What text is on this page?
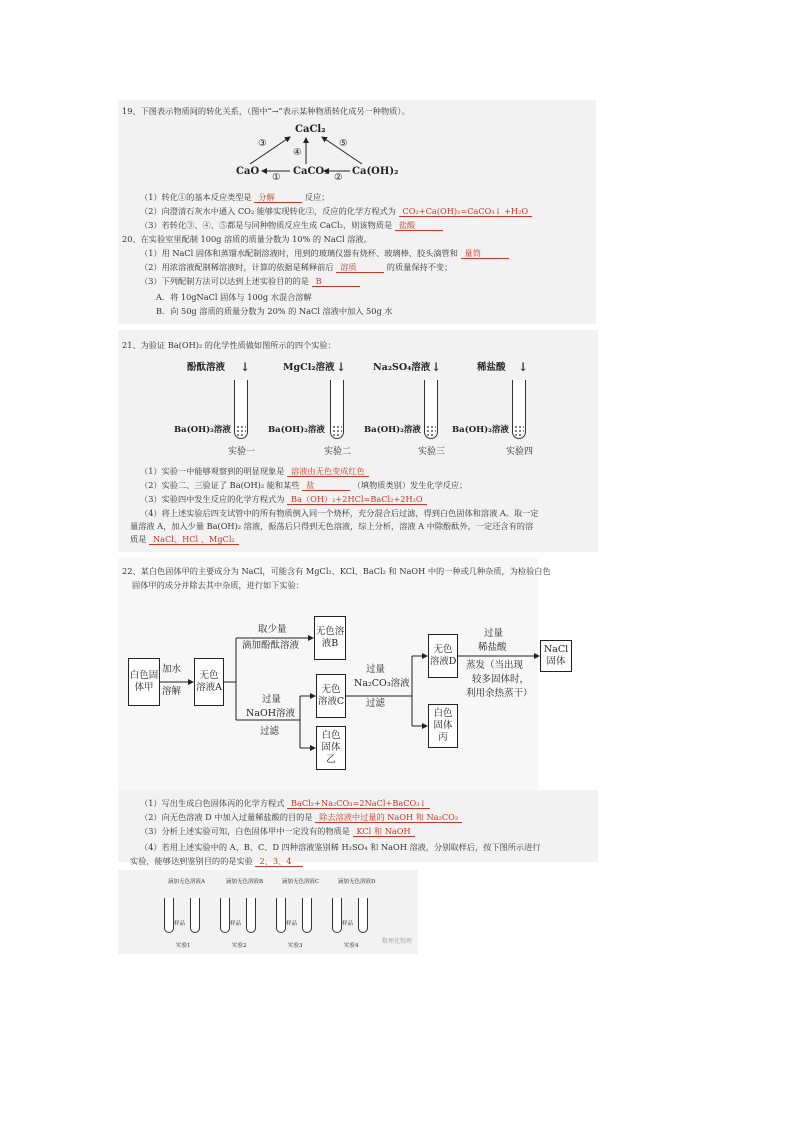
19、下图表示物质间的转化关系，（图中“→”表示某种物质转化成另一种物质）。
CaCl₂
CaO	CaCO₃ Ca(OH)₂
③
④
⑤
①	②
（1）转化①的基本反应类型是 分解	反应；
（2）向澄清石灰水中通入 CO₂ 能够实现转化②，反应的化学方程式为 CO₂+Ca(OH)₂=CaCO₃↓ +H₂O
（3）若转化③、④、⑤都是与同种物质反应生成 CaCl₂，则该物质是 盐酸
20、在实验室里配制 100g 溶质的质量分数为 10% 的 NaCl 溶液。
（1）用 NaCl 固体和蒸馏水配制溶液时，用到的玻璃仪器有烧杯、玻璃棒、胶头滴管和 量筒
（2）用浓溶液配制稀溶液时，计算的依据是稀释前后 溶质	的质量保持不变；
（3）下列配制方法可以达到上述实验目的的是 B
A．将 10gNaCl 固体与 100g 水混合溶解
B．向 50g 溶质的质量分数为 20% 的 NaCl 溶液中加入 50g 水
21、为验证 Ba(OH)₂ 的化学性质做如图所示的四个实验：
酚酞溶液	MgCl₂溶液	Na₂SO₄溶液	稀盐酸
↓	↓	↓	↓
Ba(OH)₂溶液	Ba(OH)₂溶液	Ba(OH)₂溶液	Ba(OH)₂溶液
实验一	实验二	实验三	实验四
（1）实验一中能够观察到的明显现象是 溶液由无色变成红色
（2）实验二、三验证了 Ba(OH)₂ 能和某些 盐	（填物质类别）发生化学反应；
（3）实验四中发生反应的化学方程式为 Ba（OH）₂+2HCl=BaCl₂+2H₂O
（4）将上述实验后四支试管中的所有物质倒入同一个烧杯，充分混合后过滤，得到白色固体和溶液 A。取一定
量溶液 A，加入少量 Ba(OH)₂ 溶液，振荡后只得到无色溶液，综上分析，溶液 A 中除酚酞外，一定还含有的溶
质是 NaCl、HCl 、MgCl₂
22、某白色固体甲的主要成分为 NaCl，可能含有 MgCl₂、KCl、BaCl₂ 和 NaOH 中的一种或几种杂质，为检验白色
固体甲的成分并除去其中杂质，进行如下实验：
白色固体甲
加水
溶解
无色溶液A
取少量
滴加酚酞溶液
无色溶液B
过量
NaOH溶液
过滤
无色溶液C
白色固体乙
过量
Na₂CO₃溶液
过滤
无色溶液D
白色固体丙
过量
稀盐酸
蒸发（当出现
较多固体时，
利用余热蒸干）
NaCl固体
（1）写出生成白色固体丙的化学方程式 BaCl₂+Na₂CO₃=2NaCl+BaCO₃↓
（2）向无色溶液 D 中加入过量稀盐酸的目的是 除去溶液中过量的 NaOH 和 Na₂CO₃
（3）分析上述实验可知，白色固体甲中一定没有的物质是 KCl 和 NaOH
（4）若用上述实验中的 A、B、C、D 四种溶液鉴别稀 H₂SO₄ 和 NaOH 溶液，分别取样后，按下图所示进行
实验，能够达到鉴别目的的是实验 2、3、4
滴加无色溶液A	滴加无色溶液B	滴加无色溶液C	滴加无色溶液D
样品	样品	样品	样品
实验1	实验2	实验3	实验4
数理化物理
